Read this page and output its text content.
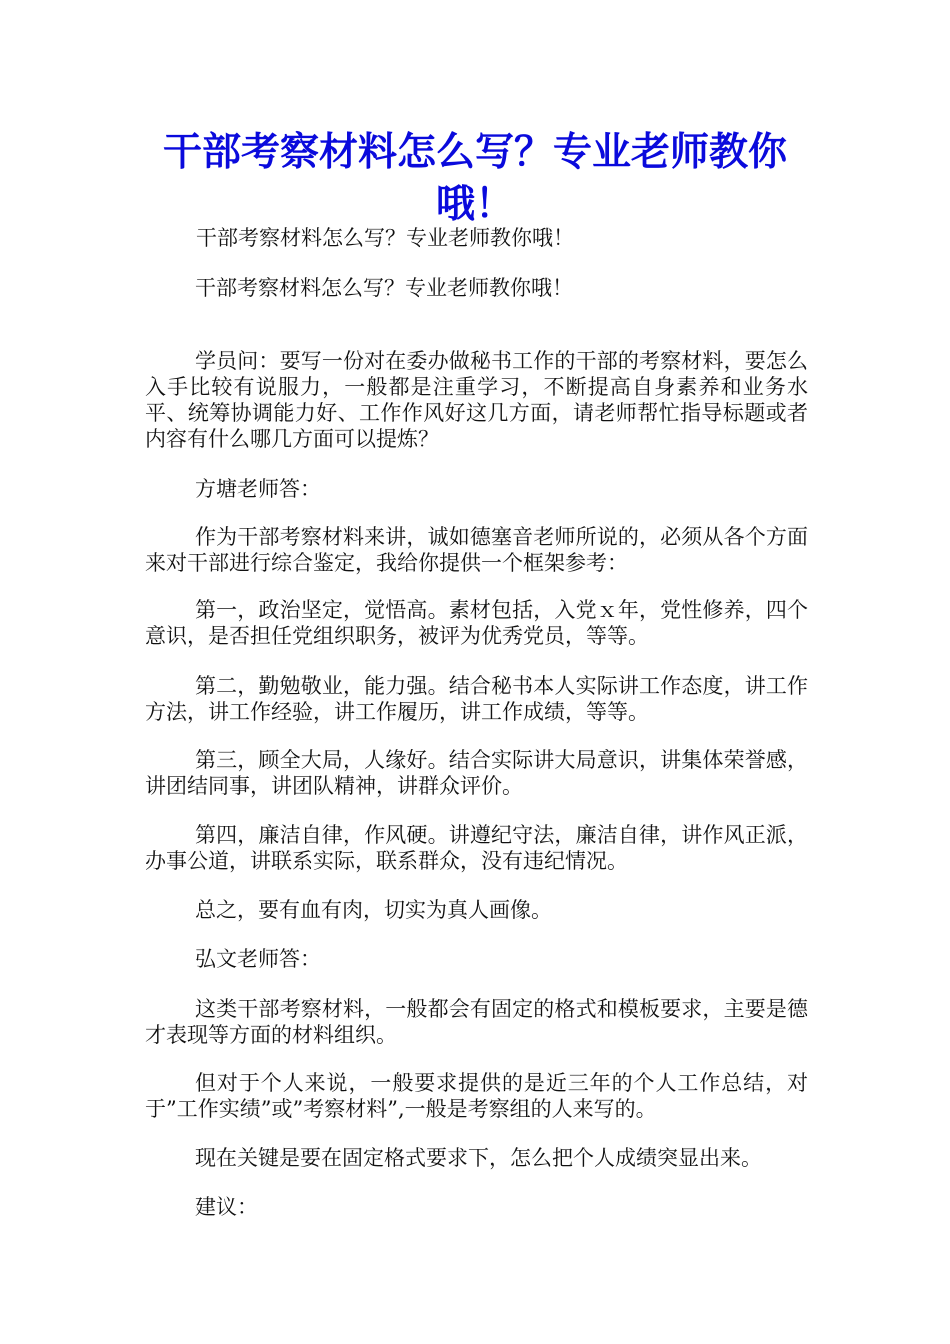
干部考察材料怎么写？专业老师教你哦！

干部考察材料怎么写？专业老师教你哦！

干部考察材料怎么写？专业老师教你哦！

学员问：要写一份对在委办做秘书工作的干部的考察材料，要怎么入手比较有说服力，一般都是注重学习，不断提高自身素养和业务水平、统筹协调能力好、工作作风好这几方面，请老师帮忙指导标题或者内容有什么哪几方面可以提炼？

方塘老师答：

作为干部考察材料来讲，诚如德塞音老师所说的，必须从各个方面来对干部进行综合鉴定，我给你提供一个框架参考：

第一，政治坚定，觉悟高。素材包括，入党ｘ年，党性修养，四个意识，是否担任党组织职务，被评为优秀党员，等等。

第二，勤勉敬业，能力强。结合秘书本人实际讲工作态度，讲工作方法，讲工作经验，讲工作履历，讲工作成绩，等等。

第三，顾全大局，人缘好。结合实际讲大局意识，讲集体荣誉感，讲团结同事，讲团队精神，讲群众评价。

第四，廉洁自律，作风硬。讲遵纪守法，廉洁自律，讲作风正派，办事公道，讲联系实际，联系群众，没有违纪情况。

总之，要有血有肉，切实为真人画像。

弘文老师答：

这类干部考察材料，一般都会有固定的格式和模板要求，主要是德才表现等方面的材料组织。

但对于个人来说，一般要求提供的是近三年的个人工作总结，对于”工作实绩”或”考察材料”,一般是考察组的人来写的。

现在关键是要在固定格式要求下，怎么把个人成绩突显出来。

建议：
